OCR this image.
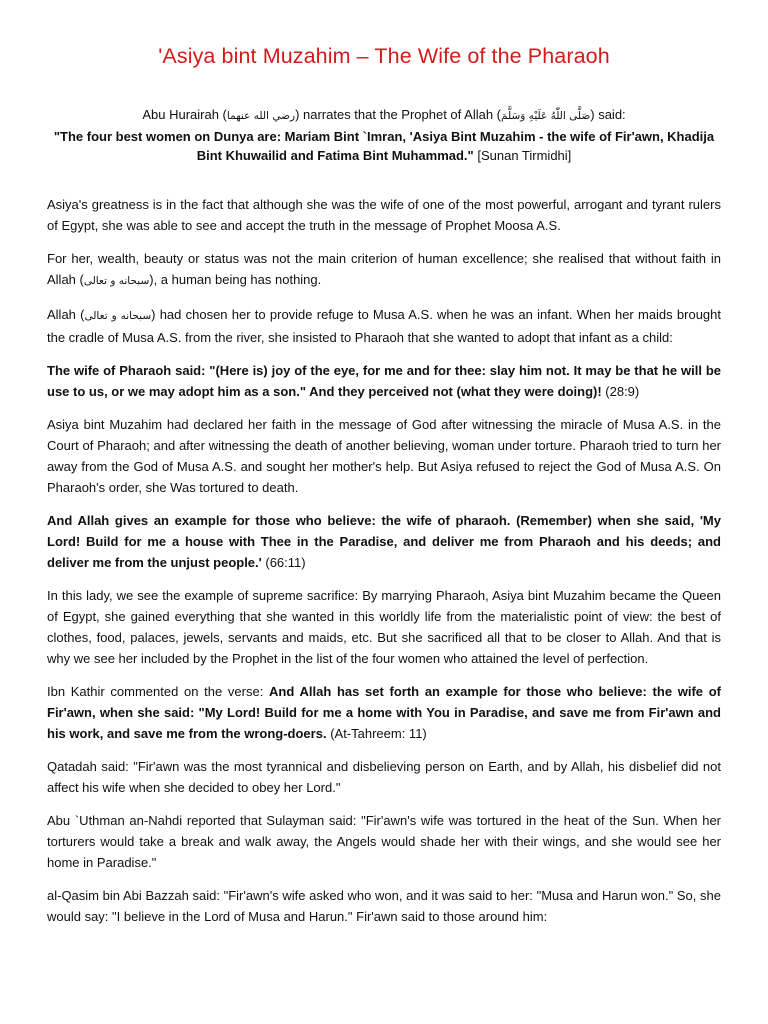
'Asiya bint Muzahim – The Wife of the Pharaoh
Abu Hurairah (رضي الله عنهما) narrates that the Prophet of Allah (صَلَّى اللّٰهُ عَلَيْهِ وَسَلَّمَ) said:
"The four best women on Dunya are: Mariam Bint `Imran, 'Asiya Bint Muzahim - the wife of Fir'awn, Khadija Bint Khuwailid and Fatima Bint Muhammad." [Sunan Tirmidhi]

Asiya's greatness is in the fact that although she was the wife of one of the most powerful, arrogant and tyrant rulers of Egypt, she was able to see and accept the truth in the message of Prophet Moosa A.S.

For her, wealth, beauty or status was not the main criterion of human excellence; she realised that without faith in Allah (سبحانه و تعالى), a human being has nothing.

Allah (سبحانه و تعالى) had chosen her to provide refuge to Musa A.S. when he was an infant. When her maids brought the cradle of Musa A.S. from the river, she insisted to Pharaoh that she wanted to adopt that infant as a child:

The wife of Pharaoh said: "(Here is) joy of the eye, for me and for thee: slay him not. It may be that he will be use to us, or we may adopt him as a son." And they perceived not (what they were doing)! (28:9)

Asiya bint Muzahim had declared her faith in the message of God after witnessing the miracle of Musa A.S. in the Court of Pharaoh; and after witnessing the death of another believing, woman under torture. Pharaoh tried to turn her away from the God of Musa A.S. and sought her mother's help. But Asiya refused to reject the God of Musa A.S. On Pharaoh's order, she Was tortured to death.

And Allah gives an example for those who believe: the wife of pharaoh. (Remember) when she said, 'My Lord! Build for me a house with Thee in the Paradise, and deliver me from Pharaoh and his deeds; and deliver me from the unjust people.' (66:11)

In this lady, we see the example of supreme sacrifice: By marrying Pharaoh, Asiya bint Muzahim became the Queen of Egypt, she gained everything that she wanted in this worldly life from the materialistic point of view: the best of clothes, food, palaces, jewels, servants and maids, etc. But she sacrificed all that to be closer to Allah. And that is why we see her included by the Prophet in the list of the four women who attained the level of perfection.

Ibn Kathir commented on the verse: And Allah has set forth an example for those who believe: the wife of Fir'awn, when she said: "My Lord! Build for me a home with You in Paradise, and save me from Fir'awn and his work, and save me from the wrong-doers. (At-Tahreem: 11)

Qatadah said: "Fir'awn was the most tyrannical and disbelieving person on Earth, and by Allah, his disbelief did not affect his wife when she decided to obey her Lord."

Abu `Uthman an-Nahdi reported that Sulayman said: "Fir'awn's wife was tortured in the heat of the Sun. When her torturers would take a break and walk away, the Angels would shade her with their wings, and she would see her home in Paradise."

al-Qasim bin Abi Bazzah said: "Fir'awn's wife asked who won, and it was said to her: "Musa and Harun won." So, she would say: "I believe in the Lord of Musa and Harun." Fir'awn said to those around him:
